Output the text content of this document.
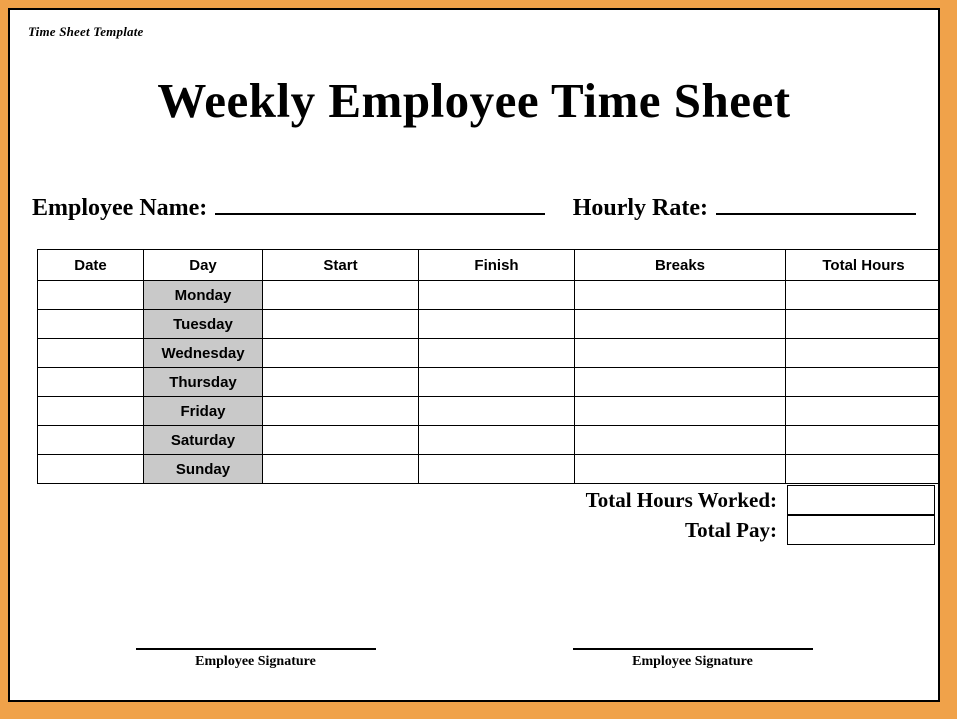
Time Sheet Template
Weekly Employee Time Sheet
Employee Name:	Hourly Rate:
Date	Day	Start	Finish	Breaks	Total Hours
	Monday				
	Tuesday				
	Wednesday				
	Thursday				
	Friday				
	Saturday				
	Sunday				
Total Hours Worked:
Total Pay:
Employee Signature	Employee Signature
